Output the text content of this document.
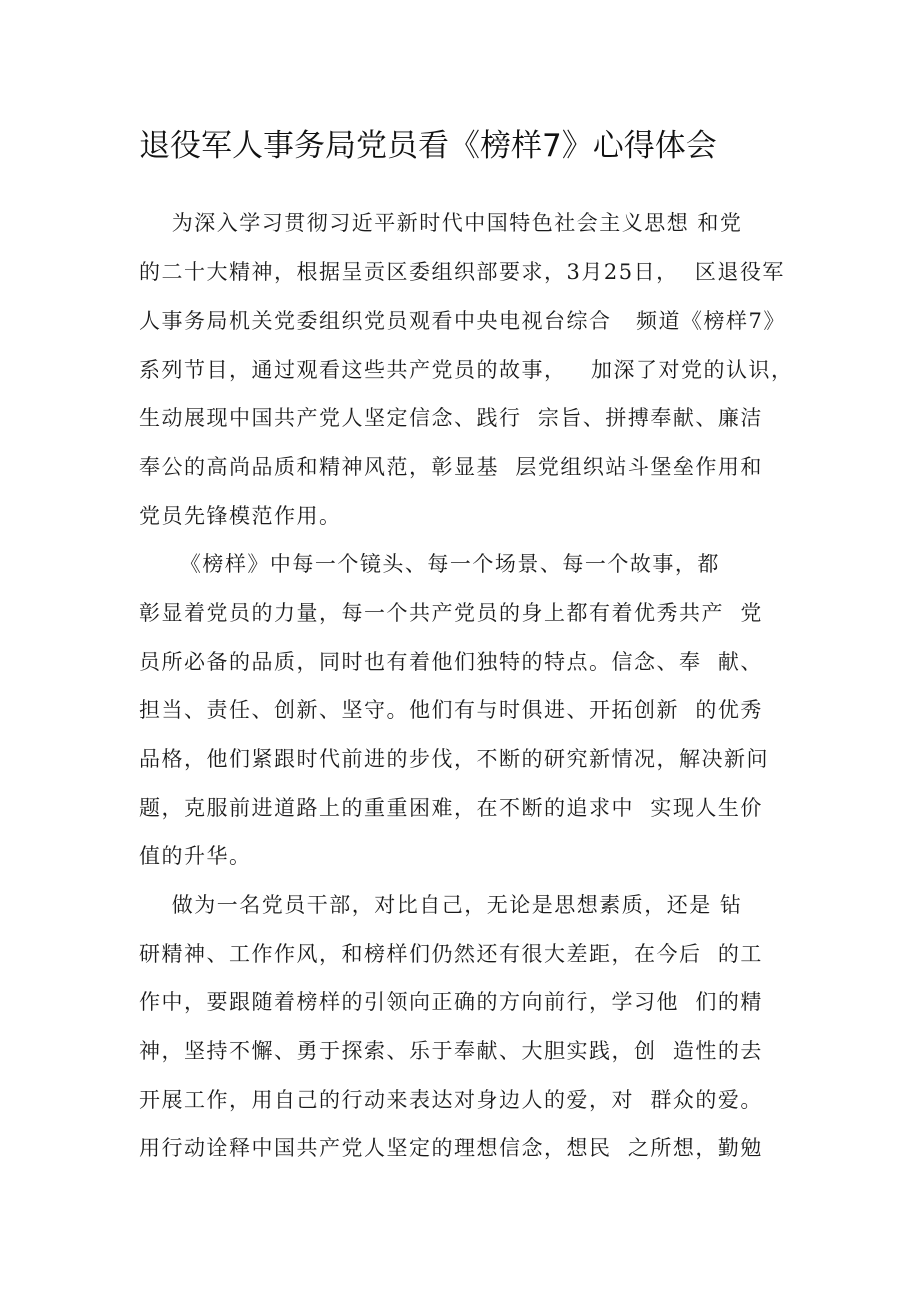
退役军人事务局党员看《榜样7》心得体会

为深入学习贯彻习近平新时代中国特色社会主义思想 和党

的二十大精神，根据呈贡区委组织部要求，3月25日，  区退役军

人事务局机关党委组织党员观看中央电视台综合   频道《榜样7》

系列节目，通过观看这些共产党员的故事，   加深了对党的认识，

生动展现中国共产党人坚定信念、践行  宗旨、拼搏奉献、廉洁

奉公的高尚品质和精神风范，彰显基  层党组织站斗堡垒作用和

党员先锋模范作用。

《榜样》中每一个镜头、每一个场景、每一个故事，都

彰显着党员的力量，每一个共产党员的身上都有着优秀共产  党

员所必备的品质，同时也有着他们独特的特点。信念、奉  献、

担当、责任、创新、坚守。他们有与时俱进、开拓创新  的优秀

品格，他们紧跟时代前进的步伐，不断的研究新情况，解决新问

题，克服前进道路上的重重困难，在不断的追求中  实现人生价

值的升华。

做为一名党员干部，对比自己，无论是思想素质，还是 钻

研精神、工作作风，和榜样们仍然还有很大差距，在今后  的工

作中，要跟随着榜样的引领向正确的方向前行，学习他  们的精

神，坚持不懈、勇于探索、乐于奉献、大胆实践，创  造性的去

开展工作，用自己的行动来表达对身边人的爱，对  群众的爱。

用行动诠释中国共产党人坚定的理想信念，想民  之所想，勤勉
